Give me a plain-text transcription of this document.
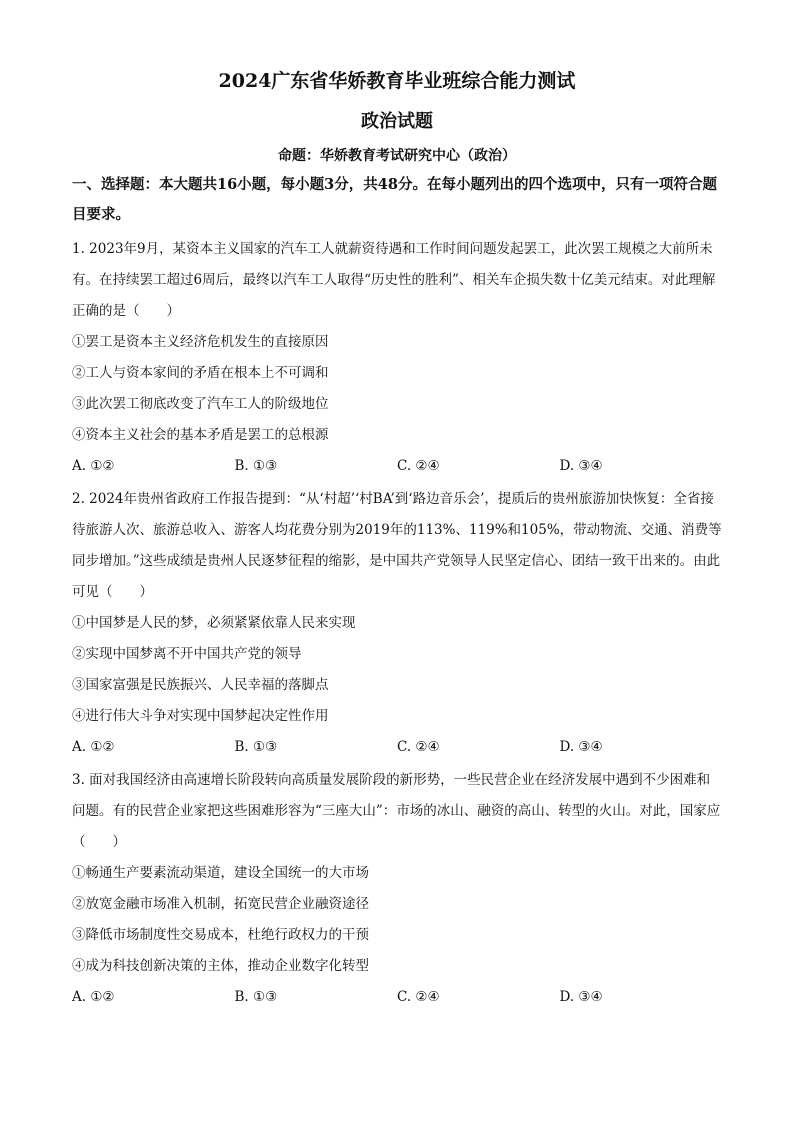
2024广东省华娇教育毕业班综合能力测试
政治试题

命题：华娇教育考试研究中心（政治）

一、选择题：本大题共16小题，每小题3分，共48分。在每小题列出的四个选项中，只有一项符合题目要求。

1. 2023年9月，某资本主义国家的汽车工人就薪资待遇和工作时间问题发起罢工，此次罢工规模之大前所未有。在持续罢工超过6周后，最终以汽车工人取得“历史性的胜利”、相关车企损失数十亿美元结束。对此理解正确的是（　　）

①罢工是资本主义经济危机发生的直接原因

②工人与资本家间的矛盾在根本上不可调和

③此次罢工彻底改变了汽车工人的阶级地位

④资本主义社会的基本矛盾是罢工的总根源

A. ①②	B. ①③	C. ②④	D. ③④

2. 2024年贵州省政府工作报告提到：“从‘村超’‘村BA’到‘路边音乐会’，提质后的贵州旅游加快恢复：全省接待旅游人次、旅游总收入、游客人均花费分别为2019年的113%、119%和105%，带动物流、交通、消费等同步增加。”这些成绩是贵州人民逐梦征程的缩影，是中国共产党领导人民坚定信心、团结一致干出来的。由此可见（　　）

①中国梦是人民的梦，必须紧紧依靠人民来实现

②实现中国梦离不开中国共产党的领导

③国家富强是民族振兴、人民幸福的落脚点

④进行伟大斗争对实现中国梦起决定性作用

A. ①②	B. ①③	C. ②④	D. ③④

3. 面对我国经济由高速增长阶段转向高质量发展阶段的新形势，一些民营企业在经济发展中遇到不少困难和问题。有的民营企业家把这些困难形容为“三座大山”：市场的冰山、融资的高山、转型的火山。对此，国家应（　　）

①畅通生产要素流动渠道，建设全国统一的大市场

②放宽金融市场准入机制，拓宽民营企业融资途径

③降低市场制度性交易成本，杜绝行政权力的干预

④成为科技创新决策的主体，推动企业数字化转型

A. ①②	B. ①③	C. ②④	D. ③④
